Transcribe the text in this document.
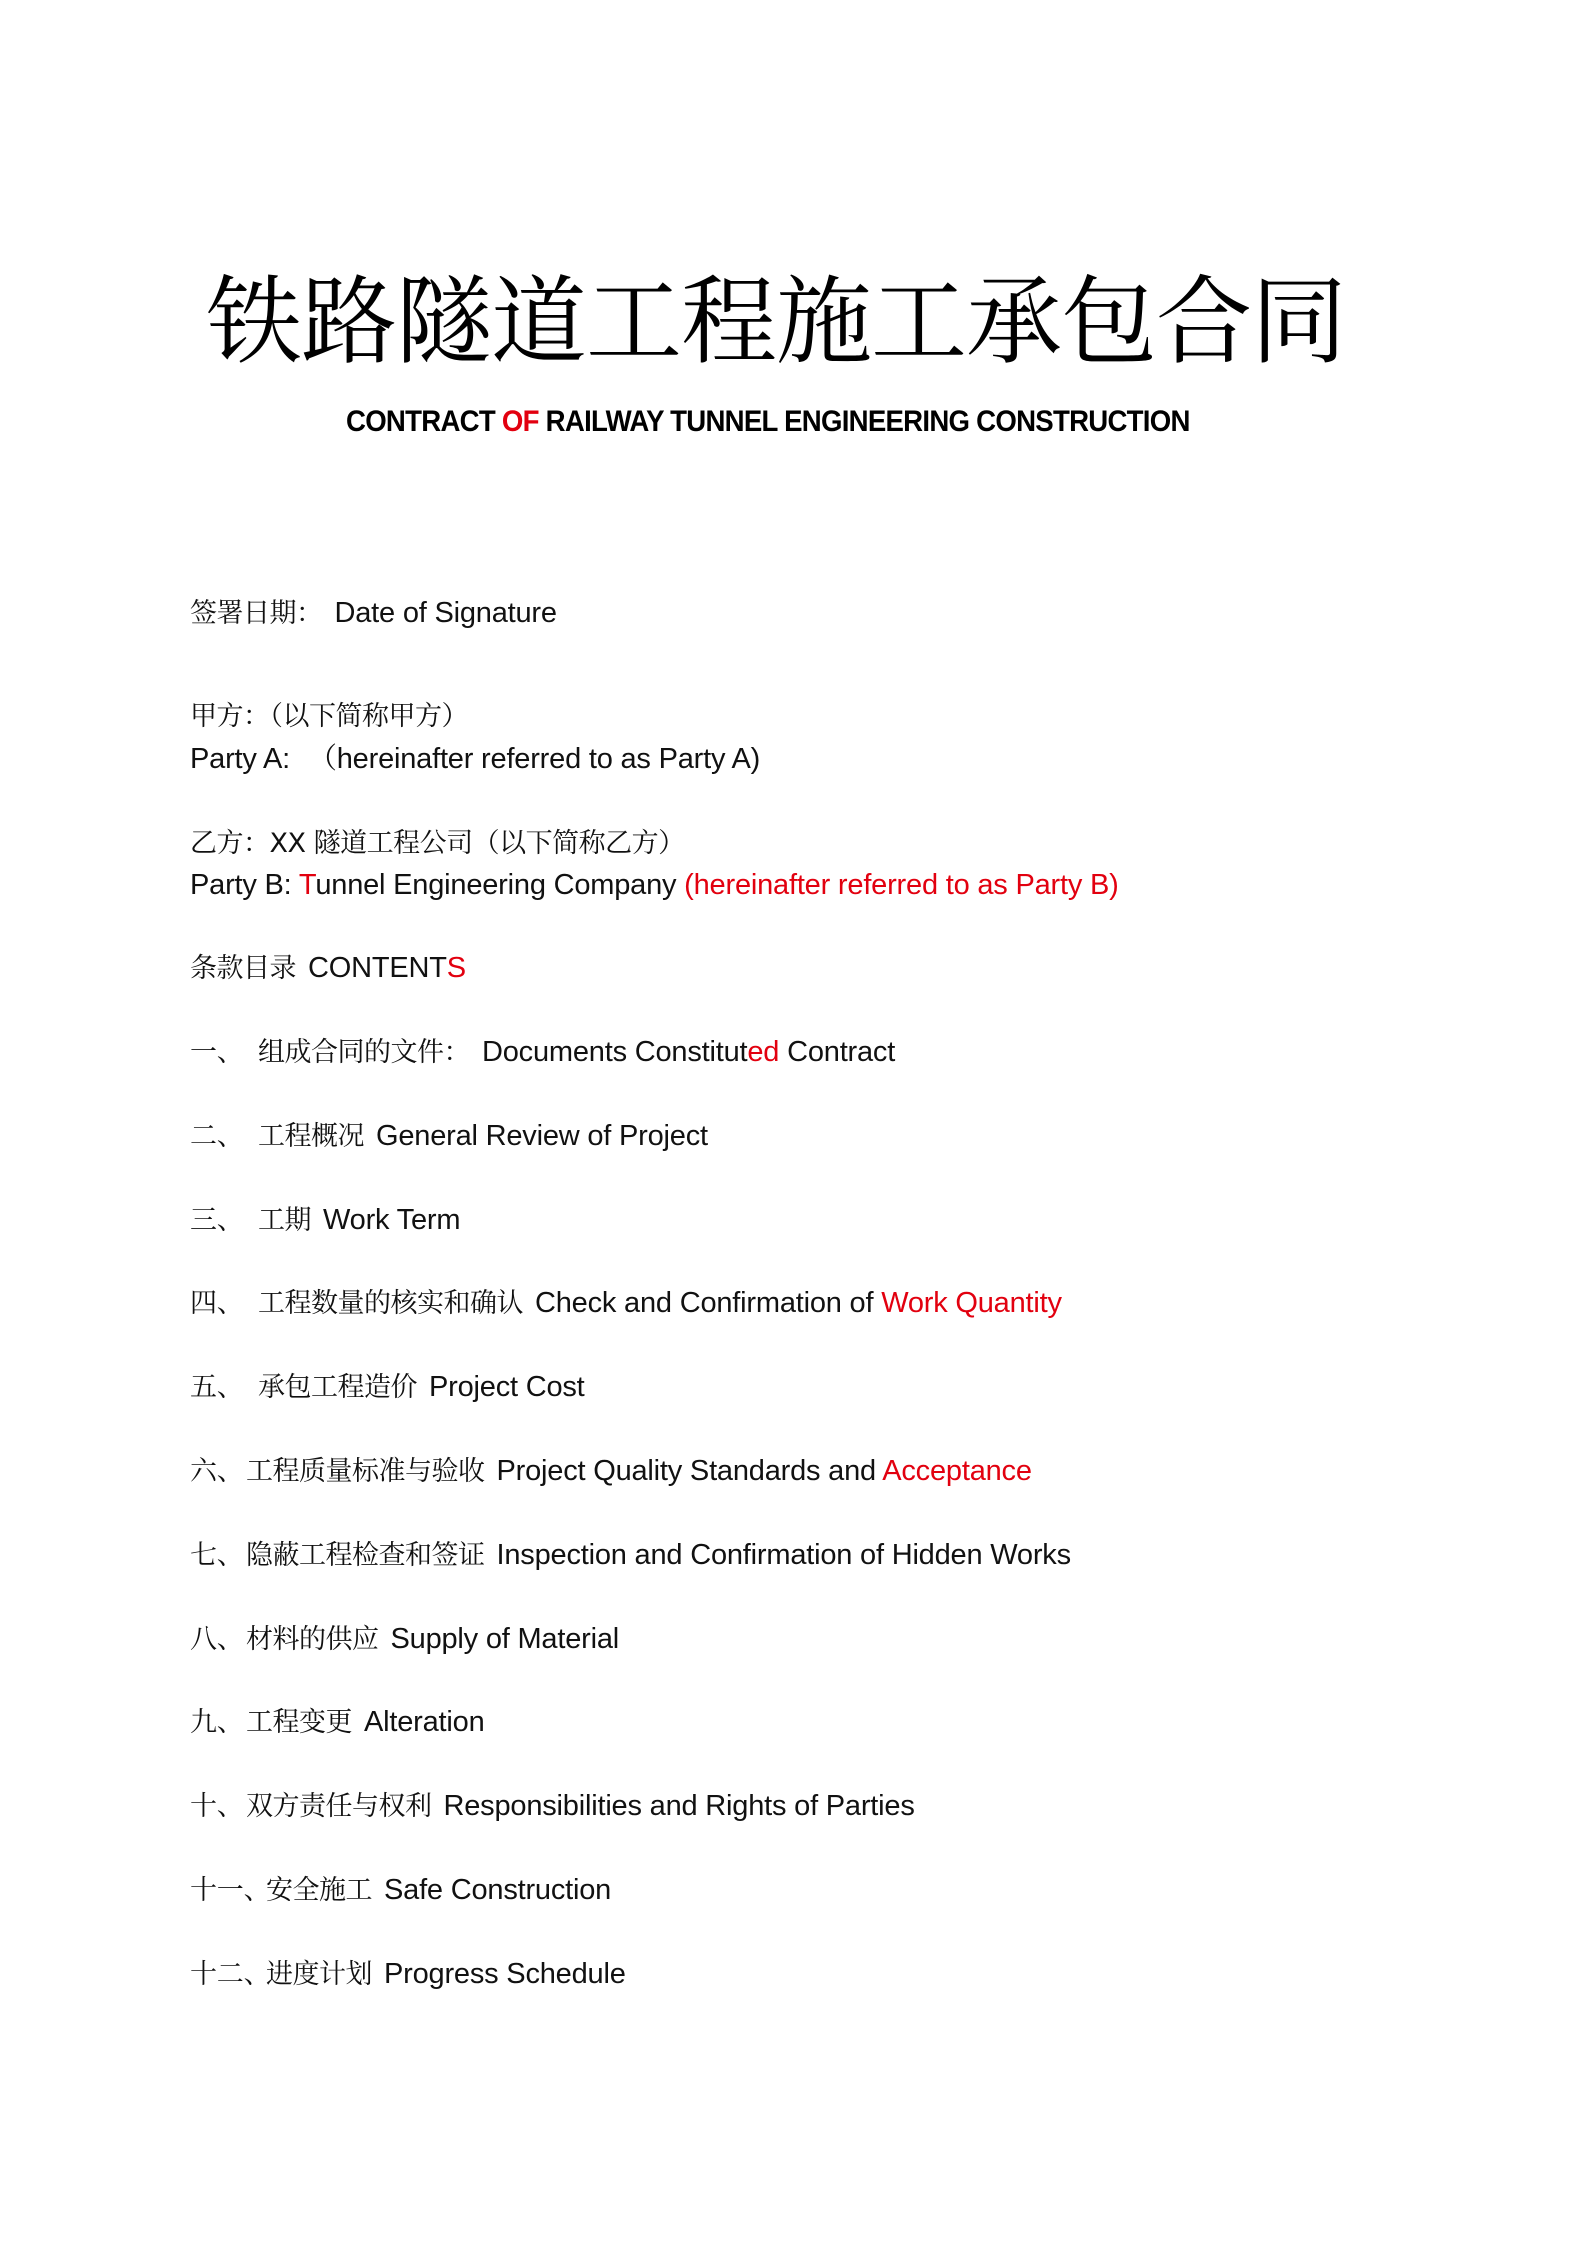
铁路隧道工程施工承包合同
CONTRACT OF RAILWAY TUNNEL ENGINEERING CONSTRUCTION
签署日期： Date of Signature
甲方：（以下简称甲方）
Party A: （hereinafter referred to as Party A)
乙方：XX 隧道工程公司（以下简称乙方）
Party B: Tunnel Engineering Company (hereinafter referred to as Party B)
条款目录 CONTENTS
一、 组成合同的文件： Documents Constituted Contract
二、 工程概况 General Review of Project
三、 工期 Work Term
四、 工程数量的核实和确认 Check and Confirmation of Work Quantity
五、 承包工程造价 Project Cost
六、工程质量标准与验收 Project Quality Standards and Acceptance
七、隐蔽工程检查和签证 Inspection and Confirmation of Hidden Works
八、材料的供应 Supply of Material
九、工程变更 Alteration
十、双方责任与权利 Responsibilities and Rights of Parties
十一、安全施工 Safe Construction
十二、进度计划 Progress Schedule
